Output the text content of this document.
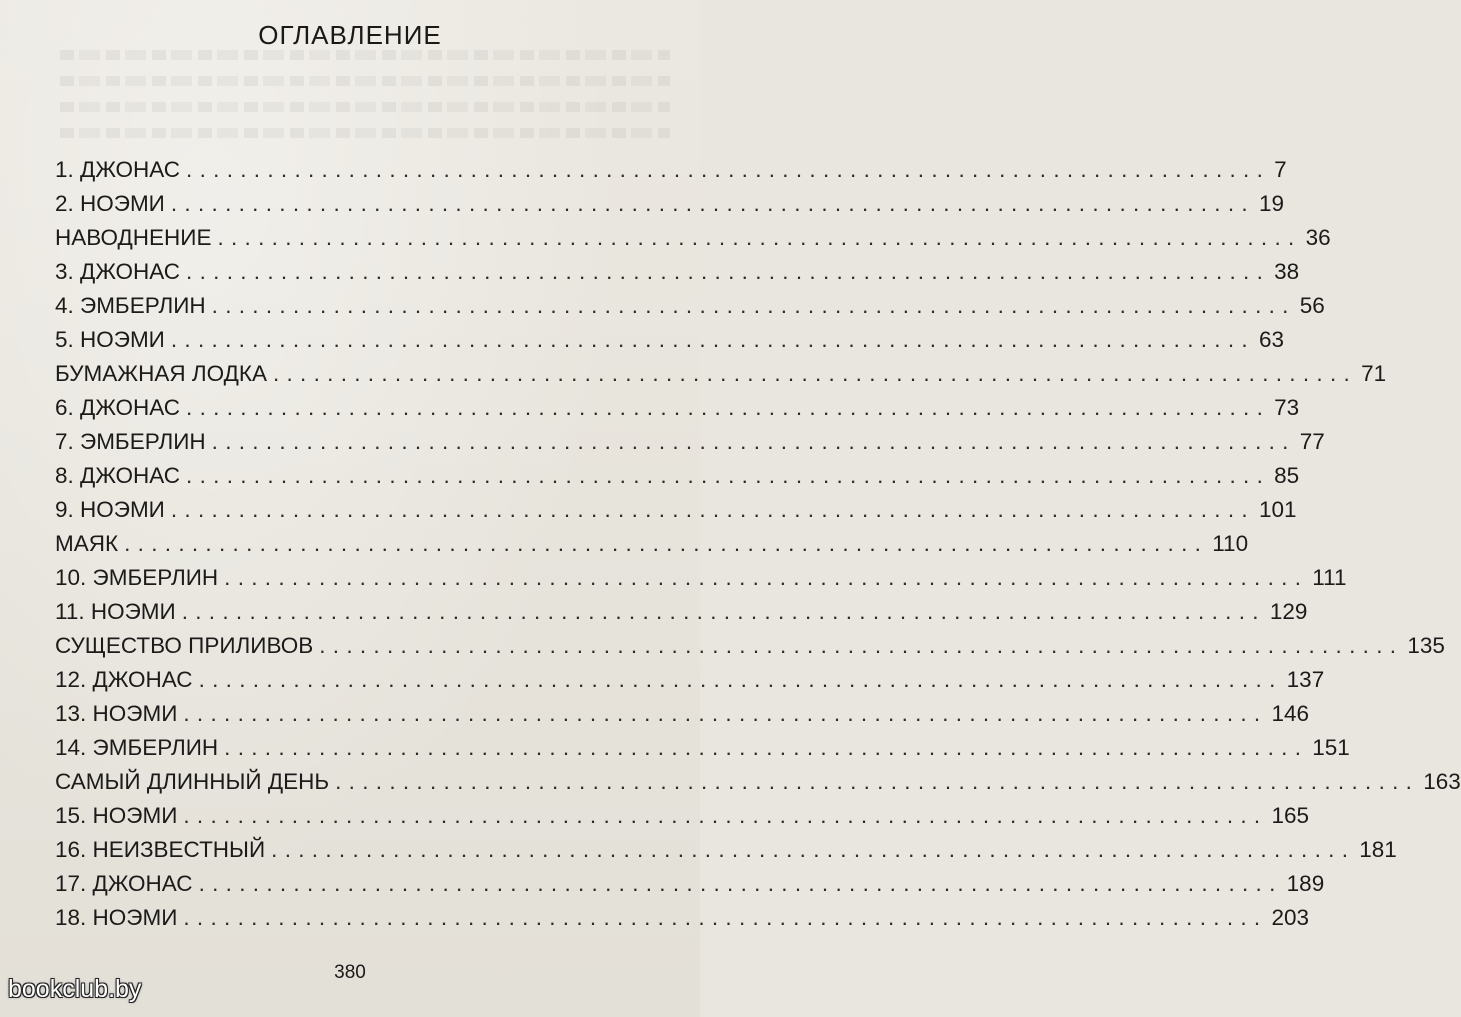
ОГЛАВЛЕНИЕ
1. ДЖОНАС ................................................................................ 7
2. НОЭМИ ................................................................................ 19
НАВОДНЕНИЕ ................................................................................ 36
3. ДЖОНАС ................................................................................ 38
4. ЭМБЕРЛИН ................................................................................ 56
5. НОЭМИ ................................................................................ 63
БУМАЖНАЯ ЛОДКА ................................................................................ 71
6. ДЖОНАС ................................................................................ 73
7. ЭМБЕРЛИН ................................................................................ 77
8. ДЖОНАС ................................................................................ 85
9. НОЭМИ ................................................................................ 101
МАЯК ................................................................................ 110
10. ЭМБЕРЛИН ................................................................................ 111
11. НОЭМИ ................................................................................ 129
СУЩЕСТВО ПРИЛИВОВ ................................................................................ 135
12. ДЖОНАС ................................................................................ 137
13. НОЭМИ ................................................................................ 146
14. ЭМБЕРЛИН ................................................................................ 151
САМЫЙ ДЛИННЫЙ ДЕНЬ ................................................................................ 163
15. НОЭМИ ................................................................................ 165
16. НЕИЗВЕСТНЫЙ ................................................................................ 181
17. ДЖОНАС ................................................................................ 189
18. НОЭМИ ................................................................................ 203
380
bookclub.by
